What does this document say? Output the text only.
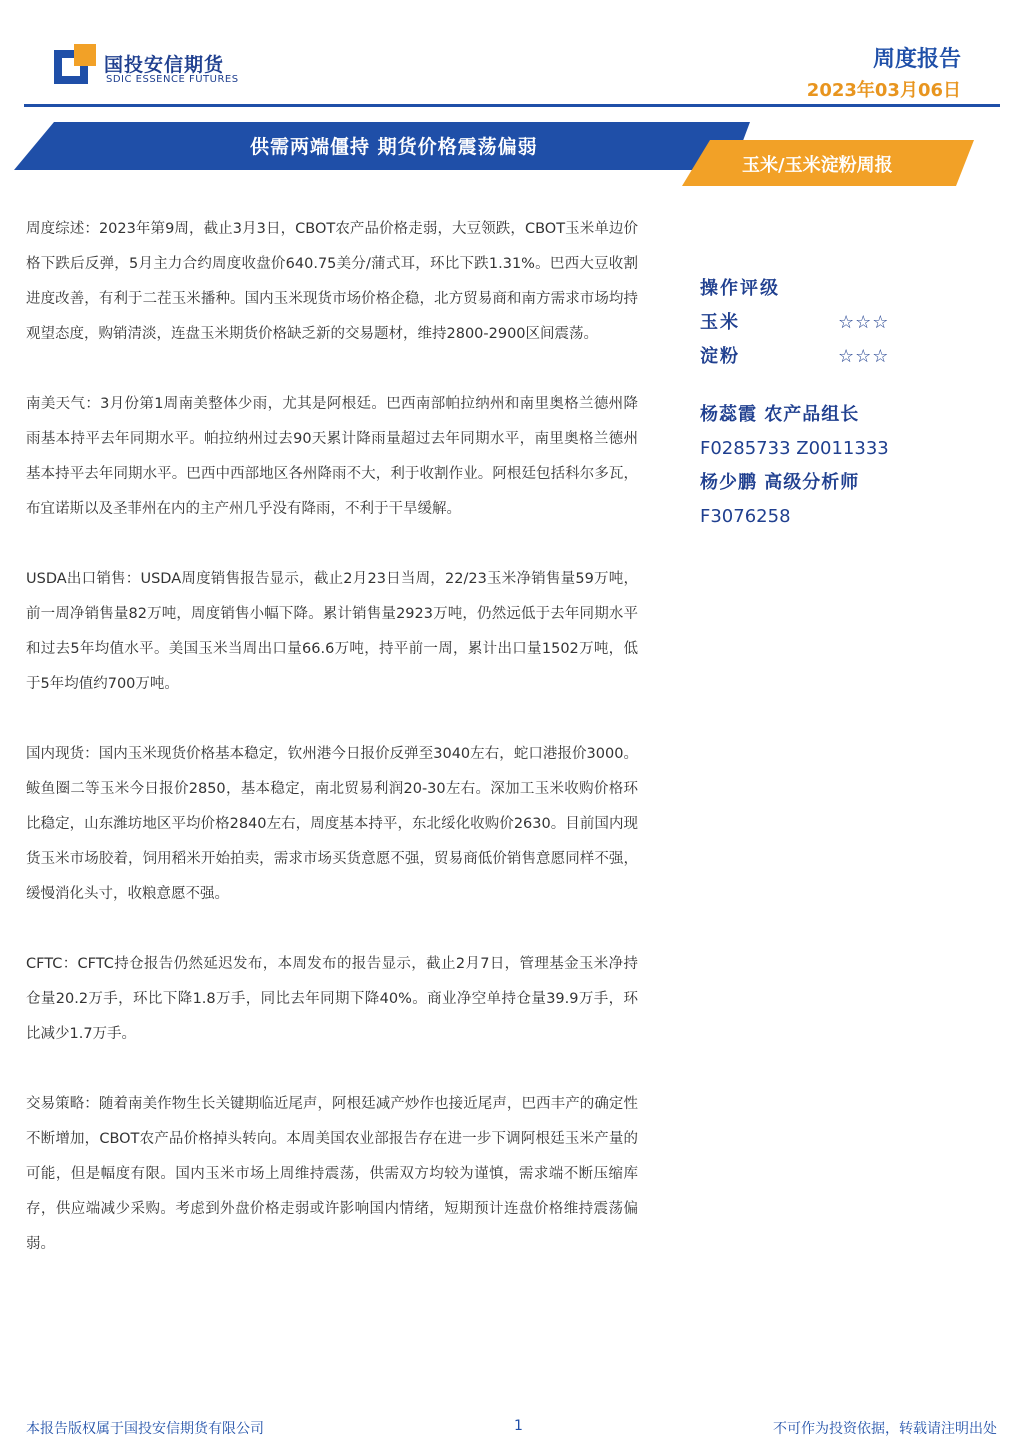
国投安信期货
SDIC ESSENCE FUTURES
周度报告
2023年03月06日
供需两端僵持 期货价格震荡偏弱
玉米/玉米淀粉周报

周度综述：2023年第9周，截止3月3日，CBOT农产品价格走弱，大豆领跌，CBOT玉米单边价格下跌后反弹，5月主力合约周度收盘价640.75美分/蒲式耳，环比下跌1.31%。巴西大豆收割进度改善，有利于二茬玉米播种。国内玉米现货市场价格企稳，北方贸易商和南方需求市场均持观望态度，购销清淡，连盘玉米期货价格缺乏新的交易题材，维持2800-2900区间震荡。

南美天气：3月份第1周南美整体少雨，尤其是阿根廷。巴西南部帕拉纳州和南里奥格兰德州降雨基本持平去年同期水平。帕拉纳州过去90天累计降雨量超过去年同期水平，南里奥格兰德州基本持平去年同期水平。巴西中西部地区各州降雨不大，利于收割作业。阿根廷包括科尔多瓦，布宜诺斯以及圣菲州在内的主产州几乎没有降雨，不利于干旱缓解。

USDA出口销售：USDA周度销售报告显示，截止2月23日当周，22/23玉米净销售量59万吨，前一周净销售量82万吨，周度销售小幅下降。累计销售量2923万吨，仍然远低于去年同期水平和过去5年均值水平。美国玉米当周出口量66.6万吨，持平前一周，累计出口量1502万吨，低于5年均值约700万吨。

国内现货：国内玉米现货价格基本稳定，钦州港今日报价反弹至3040左右，蛇口港报价3000。鲅鱼圈二等玉米今日报价2850，基本稳定，南北贸易利润20-30左右。深加工玉米收购价格环比稳定，山东潍坊地区平均价格2840左右，周度基本持平，东北绥化收购价2630。目前国内现货玉米市场胶着，饲用稻米开始拍卖，需求市场买货意愿不强，贸易商低价销售意愿同样不强，缓慢消化头寸，收粮意愿不强。

CFTC：CFTC持仓报告仍然延迟发布，本周发布的报告显示，截止2月7日，管理基金玉米净持仓量20.2万手，环比下降1.8万手，同比去年同期下降40%。商业净空单持仓量39.9万手，环比减少1.7万手。

交易策略：随着南美作物生长关键期临近尾声，阿根廷减产炒作也接近尾声，巴西丰产的确定性不断增加，CBOT农产品价格掉头转向。本周美国农业部报告存在进一步下调阿根廷玉米产量的可能，但是幅度有限。国内玉米市场上周维持震荡，供需双方均较为谨慎，需求端不断压缩库存，供应端减少采购。考虑到外盘价格走弱或许影响国内情绪，短期预计连盘价格维持震荡偏弱。

操作评级
玉米	☆☆☆
淀粉	☆☆☆
杨蕊霞 农产品组长
F0285733 Z0011333
杨少鹏 高级分析师
F3076258
本报告版权属于国投安信期货有限公司	1	不可作为投资依据，转载请注明出处
